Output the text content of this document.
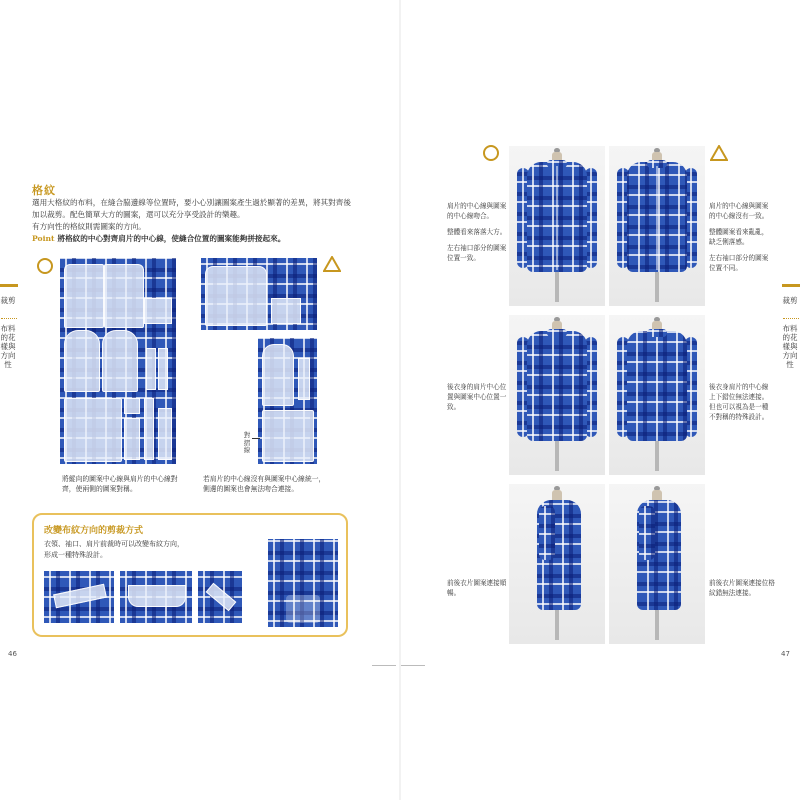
格紋
選用大格紋的布料，在縫合脇邊線等位置時，要小心別讓圖案產生過於顯著的差異，將其對齊後
加以裁剪。配色簡單大方的圖案，還可以充分享受設計的樂趣。
有方向性的格紋則需圖案的方向。
Point 將格紋的中心對齊肩片的中心線，使縫合位置的圖案能夠拼接起來。
對摺線
將縱向的圖案中心線與肩片的中心線對
齊，使兩側的圖案對稱。
若肩片的中心線沒有與圖案中心線統一，
側邊的圖案也會無法吻合連接。
改變布紋方向的剪裁方式
衣領、袖口、肩片前裁時可以改變布紋方向，
形成一種特殊設計。
46
肩片的中心線與圖案
的中心線吻合。
整體看來落落大方。
左右袖口部分的圖案
位置一致。
肩片的中心線與圖案
的中心線沒有一致。
整體圖案看來亂亂，
缺乏俐落感。
左右袖口部分的圖案
位置不同。
後衣身的肩片中心位
置與圖案中心位置一
致。
後衣身肩片的中心線
上下錯位無法連接。
但也可以視為是一種
不對稱的特殊設計。
前後衣片圖案連接順
暢。
前後衣片圖案連接位格
紋錯無法連接。
裁剪
布料的花樣與方向性
47
裁剪
布料的花樣與方向性
